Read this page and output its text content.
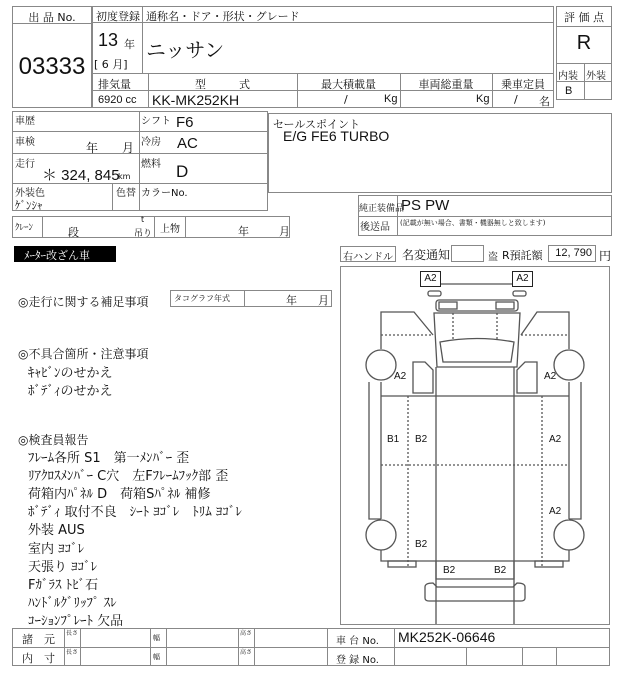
出 品 No.
03333
初度登録 通称名・ドア・形状・グレード
13 年
[ 6 月]
ニッサン
排気量	型　　　式	最大積載量	車両総重量	乗車定員
6920 cc KK-MK252KH	/	Kg	Kg / 名
評 価 点
R
内装 外装
B
車歴	シフト F6
車検	年 月 冷房 AC
走行
＊ 324, 845
km
燃料 D
外装色
ｹﾞﾝｼｬ
色替 カラーNo.
ｸﾚｰﾝ	段
t
吊り 上物	年	月
セールスポイント
E/G FE6 TURBO
純正装備品
PS PW
後送品 (記載が無い場合、書類・機器無しと致します)
ﾒｰﾀｰ改ざん車	右ハンドル 名変通知	盗 R預託額 12, 790 円
◎走行に関する補足事項	タコグラフ年式	年 月
◎不具合箇所・注意事項
ｷｬﾋﾞﾝのせかえ
ﾎﾞﾃﾞｨのせかえ
◎検査員報告
ﾌﾚｰﾑ各所 S1　第一ﾒﾝﾊﾞｰ 歪
ﾘｱｸﾛｽﾒﾝﾊﾞｰ C穴　左Fﾌﾚｰﾑﾌｯｸ部 歪
荷箱内ﾊﾟﾈﾙ D　荷箱Sﾊﾟﾈﾙ 補修
ﾎﾞﾃﾞｨ 取付不良　ｼｰﾄ ﾖｺﾞﾚ　ﾄﾘﾑ ﾖｺﾞﾚ
外装 AUS
室内 ﾖｺﾞﾚ
天張り ﾖｺﾞﾚ
Fｶﾞﾗｽ ﾄﾋﾞ石
ﾊﾝﾄﾞﾙｸﾞﾘｯﾌﾟ ｽﾚ
ｺｰｼｮﾝﾌﾟﾚｰﾄ 欠品
A2	A2
A2	A2
B1 B2	A2
A2
B2
B2	B2
諸　元
内　寸
長さ
長さ
幅
幅
高さ
高さ
車 台 No. MK252K-06646
登 録 No.
